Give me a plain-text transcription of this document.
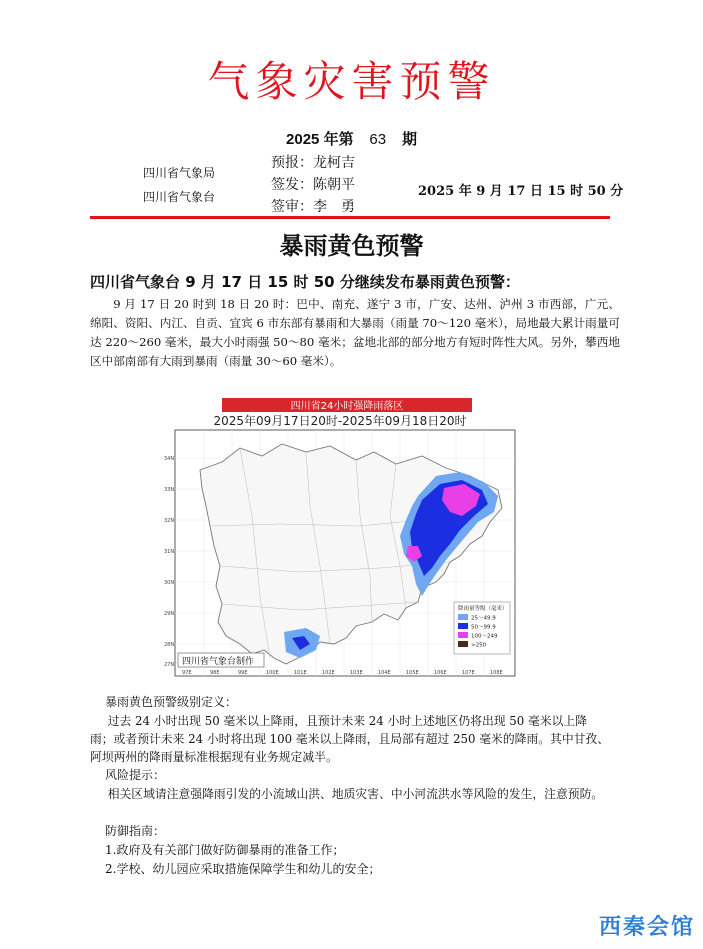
气象灾害预警
2025 年第 63 期
四川省气象局
四川省气象台
预报：龙柯吉
签发：陈朝平
签审：李　勇
2025 年 9 月 17 日 15 时 50 分
暴雨黄色预警
四川省气象台 9 月 17 日 15 时 50 分继续发布暴雨黄色预警：
9 月 17 日 20 时到 18 日 20 时：巴中、南充、遂宁 3 市，广安、达州、泸州 3 市西部，广元、绵阳、资阳、内江、自贡、宜宾 6 市东部有暴雨和大暴雨（雨量 70～120 毫米），局地最大累计雨量可达 220～260 毫米，最大小时雨强 50～80 毫米；盆地北部的部分地方有短时阵性大风。另外，攀西地区中部南部有大雨到暴雨（雨量 30～60 毫米）。
四川省24小时强降雨落区
2025年09月17日20时-2025年09月18日20时
降雨量等级（毫米）
25～49.9
50～99.9
100～249
>250
97E	98E	99E	100E	101E	102E	103E	104E	105E	106E	107E	108E
34N
33N
32N
31N
30N
29N
28N
27N 四川省气象台制作
暴雨黄色预警级别定义：
过去 24 小时出现 50 毫米以上降雨，且预计未来 24 小时上述地区仍将出现 50 毫米以上降雨；或者预计未来 24 小时将出现 100 毫米以上降雨，且局部有超过 250 毫米的降雨。其中甘孜、阿坝两州的降雨量标准根据现有业务规定减半。
风险提示：
相关区域请注意强降雨引发的小流域山洪、地质灾害、中小河流洪水等风险的发生，注意预防。
防御指南：
1.政府及有关部门做好防御暴雨的准备工作；
2.学校、幼儿园应采取措施保障学生和幼儿的安全；
西秦会馆
